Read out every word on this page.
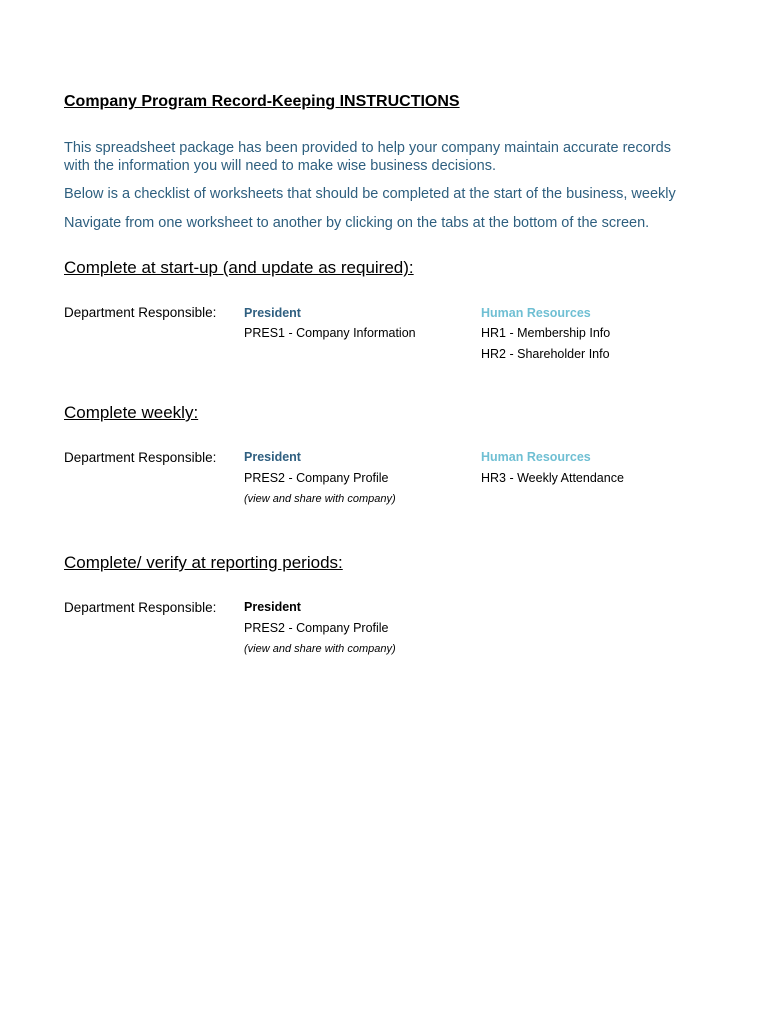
Company Program Record-Keeping INSTRUCTIONS
This spreadsheet package has been provided to help your company maintain accurate records
with the information you will need to make wise business decisions.
Below is a checklist of worksheets that should be completed at the start of the business, weekly
Navigate from one worksheet to another by clicking on the tabs at the bottom of the screen.
Complete at start-up (and update as required):
Department Responsible: President
PRES1 - Company Information
Human Resources
HR1 - Membership Info
HR2 - Shareholder Info
Complete weekly:
Department Responsible: President
PRES2 - Company Profile
(view and share with company)
Human Resources
HR3 - Weekly Attendance
Complete/ verify at reporting periods:
Department Responsible: President
PRES2 - Company Profile
(view and share with company)
